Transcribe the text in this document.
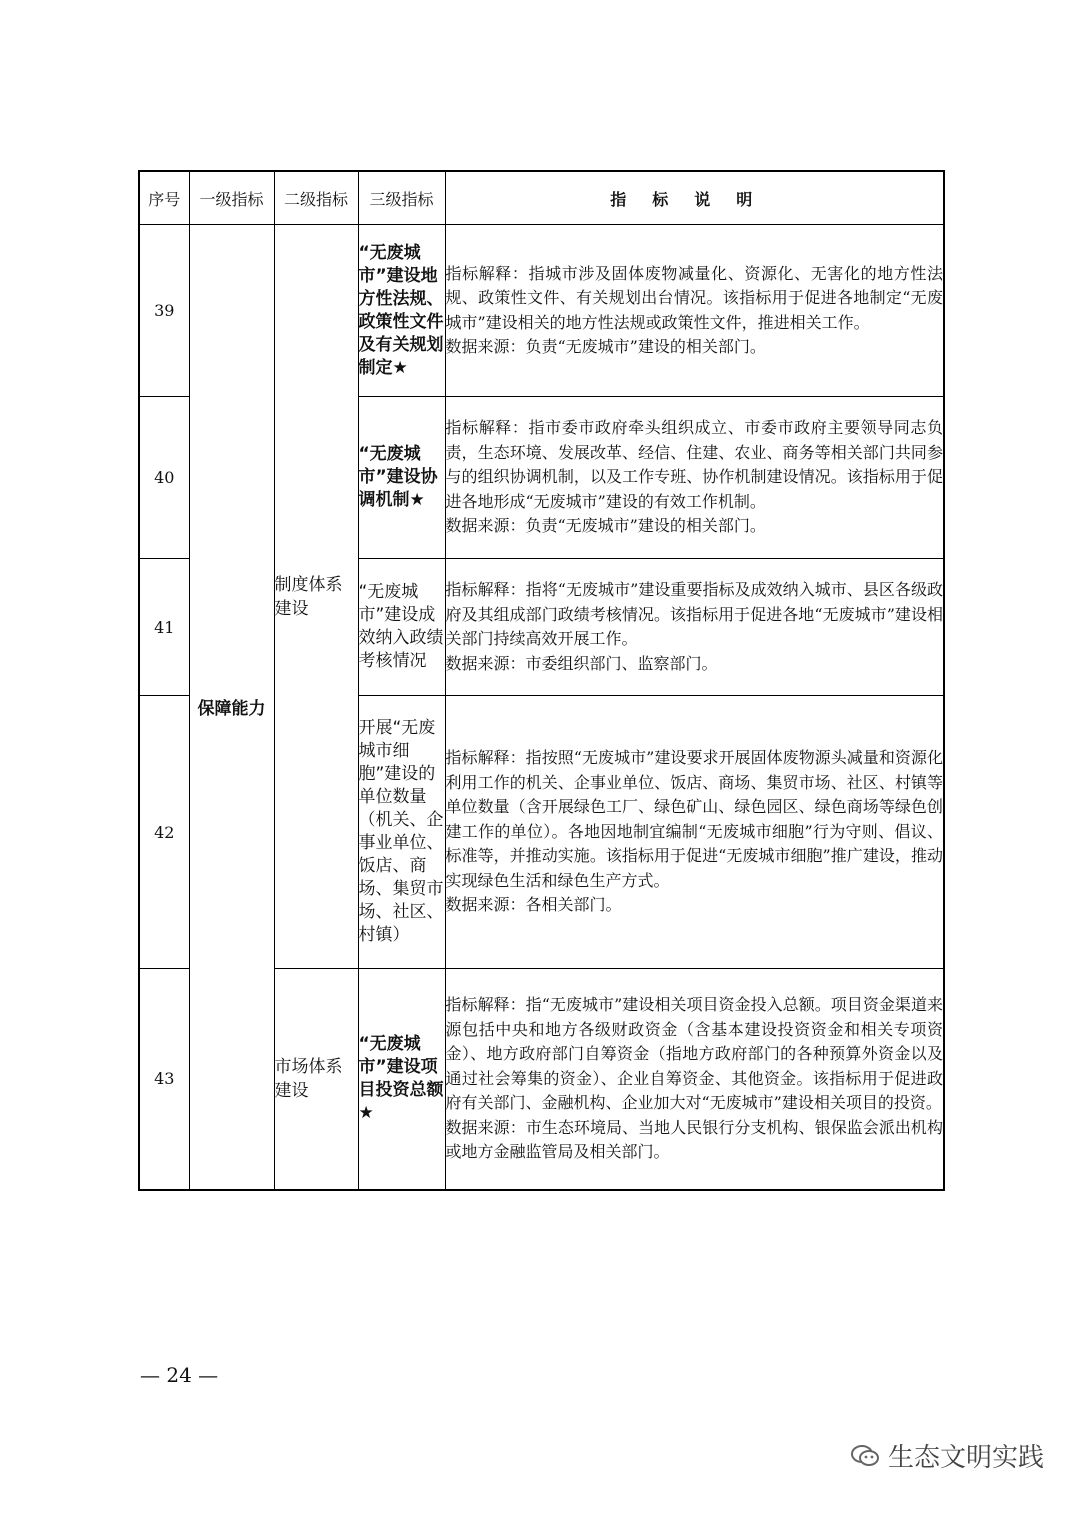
序号	一级指标	二级指标	三级指标	指标说明
39	保障能力	制度体系建设	“无废城市”建设地方性法规、政策性文件及有关规划制定★	指标解释：指城市涉及固体废物减量化、资源化、无害化的地方性法规、政策性文件、有关规划出台情况。该指标用于促进各地制定“无废城市”建设相关的地方性法规或政策性文件，推进相关工作。

数据来源：负责“无废城市”建设的相关部门。

40			“无废城市”建设协调机制★	指标解释：指市委市政府牵头组织成立、市委市政府主要领导同志负责，生态环境、发展改革、经信、住建、农业、商务等相关部门共同参与的组织协调机制，以及工作专班、协作机制建设情况。该指标用于促进各地形成“无废城市”建设的有效工作机制。

数据来源：负责“无废城市”建设的相关部门。

41			“无废城市”建设成效纳入政绩考核情况	指标解释：指将“无废城市”建设重要指标及成效纳入城市、县区各级政府及其组成部门政绩考核情况。该指标用于促进各地“无废城市”建设相关部门持续高效开展工作。

数据来源：市委组织部门、监察部门。

42			开展“无废城市细胞”建设的单位数量（机关、企事业单位、饭店、商场、集贸市场、社区、村镇）	指标解释：指按照“无废城市”建设要求开展固体废物源头减量和资源化利用工作的机关、企事业单位、饭店、商场、集贸市场、社区、村镇等单位数量（含开展绿色工厂、绿色矿山、绿色园区、绿色商场等绿色创建工作的单位）。各地因地制宜编制“无废城市细胞”行为守则、倡议、标准等，并推动实施。该指标用于促进“无废城市细胞”推广建设，推动实现绿色生活和绿色生产方式。

数据来源：各相关部门。

43		市场体系建设	“无废城市”建设项目投资总额★	指标解释：指“无废城市”建设相关项目资金投入总额。项目资金渠道来源包括中央和地方各级财政资金（含基本建设投资资金和相关专项资金）、地方政府部门自筹资金（指地方政府部门的各种预算外资金以及通过社会筹集的资金）、企业自筹资金、其他资金。该指标用于促进政府有关部门、金融机构、企业加大对“无废城市”建设相关项目的投资。

数据来源：市生态环境局、当地人民银行分支机构、银保监会派出机构或地方金融监管局及相关部门。

— 24 —
生态文明实践
